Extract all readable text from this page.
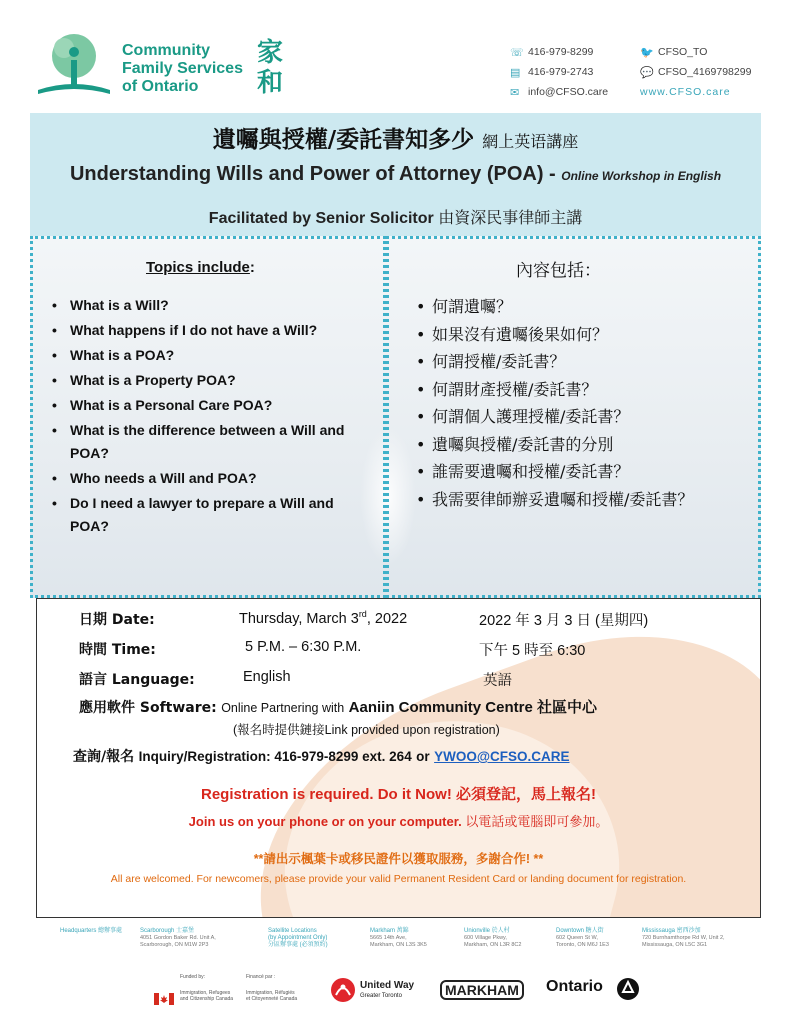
Community
Family Services
of Ontario
家
和
☏ 416-979-8299
▤ 416-979-2743
✉ info@CFSO.care
🐦 CFSO_TO
💬 CFSO_4169798299
www.CFSO.care
遺囑與授權/委託書知多少 網上英语講座
Understanding Wills and Power of Attorney (POA) - Online Workshop in English
Facilitated by Senior Solicitor 由資深民事律師主講
Topics include:	內容包括：
• What is a Will?
• What happens if I do not have a Will?
• What is a POA?
• What is a Property POA?
• What is a Personal Care POA?
• What is the difference between a Will and POA?
• Who needs a Will and POA?
• Do I need a lawyer to prepare a Will and POA?
• 何謂遺囑？
• 如果沒有遺囑後果如何？
• 何謂授權/委託書？
• 何謂財產授權/委託書？
• 何謂個人護理授權/委託書？
• 遺囑與授權/委託書的分別
• 誰需要遺囑和授權/委託書？
• 我需要律師辦妥遺囑和授權/委託書？
日期 Date:	Thursday, March 3rd, 2022	2022 年 3 月 3 日 (星期四)
時間 Time:	5 P.M. – 6:30 P.M.	下午 5 時至 6:30
語言 Language:	English	英語
應用軟件 Software: Online Partnering with Aaniin Community Centre 社區中心
(報名時提供鏈接Link provided upon registration)
查詢/報名 Inquiry/Registration: 416-979-8299 ext. 264 or YWOO@CFSO.CARE
Registration is required. Do it Now! 必須登記，馬上報名!
Join us on your phone or on your computer. 以電話或電腦即可參加。
**請出示楓葉卡或移民證件以獲取服務，多謝合作! **
All are welcomed. For newcomers, please provide your valid Permanent Resident Card or landing document for registration.
Headquarters 總辦事處	Scarborough 士嘉堡
4051 Gordon Baker Rd. Unit A,
Scarborough, ON M1W 2P3
Satellite Locations
(by Appointment Only)
分區辦事處 (必須預約)
Markham 萬錦
5665 14th Ave,
Markham, ON L3S 3K5
Unionville 於人村
600 Village Pkwy,
Markham, ON L3R 8C2
Downtown 糖人街
602 Queen St W,
Toronto, ON M6J 1E3
Mississauga 密西沙加
720 Burnhamthorpe Rd W, Unit 2,
Mississauga, ON L5C 3G1
Funded by:	Financé par :
Immigration, Refugees
and Citizenship Canada
Immigration, Réfugiés
et Citoyenneté Canada
United Way
Greater Toronto	MARKHAM	Ontario
